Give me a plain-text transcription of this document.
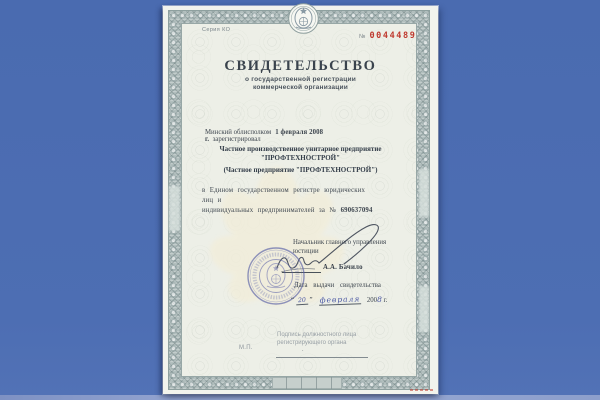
Серия КО
№ 0044489
СВИДЕТЕЛЬСТВО
о государственной регистрации
коммерческой организации
Минский облисполком 1 февраля 2008 г. зарегистрировал
Частное производственное унитарное предприятие
"ПРОФТЕХНОСТРОЙ"
(Частное предприятие "ПРОФТЕХНОСТРОЙ")
в Едином государственном регистре юридических лиц и
индивидуальных предпринимателей за № 690637094
Начальник главного управления
юстиции
А.А. Бачило
Дата выдачи свидетельства
“ 20 ” февраля 2008 г.
Подпись должностного лица
регистрирующего органа
.
М.П.
